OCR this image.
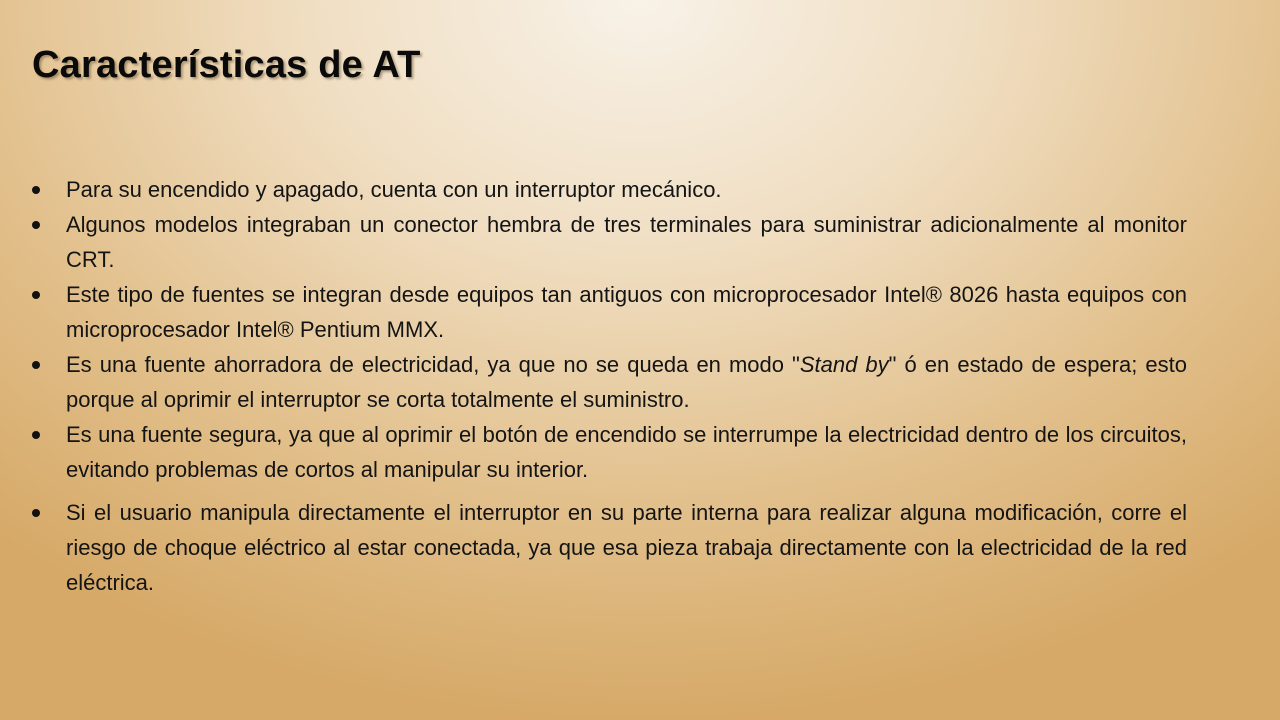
Características de AT
Para su encendido y apagado, cuenta con un interruptor mecánico.
Algunos modelos integraban un conector hembra de tres terminales para suministrar adicionalmente al monitor CRT.
Este tipo de fuentes se integran desde equipos tan antiguos con microprocesador Intel® 8026 hasta equipos con microprocesador Intel® Pentium MMX.
Es una fuente ahorradora de electricidad, ya que no se queda en modo "Stand by" ó en estado de espera; esto porque al oprimir el interruptor se corta totalmente el suministro.
Es una fuente segura, ya que al oprimir el botón de encendido se interrumpe la electricidad dentro de los circuitos, evitando problemas de cortos al manipular su interior.
Si el usuario manipula directamente el interruptor en su parte interna para realizar alguna modificación, corre el riesgo de choque eléctrico al estar conectada, ya que esa pieza trabaja directamente con la electricidad de la red eléctrica.
